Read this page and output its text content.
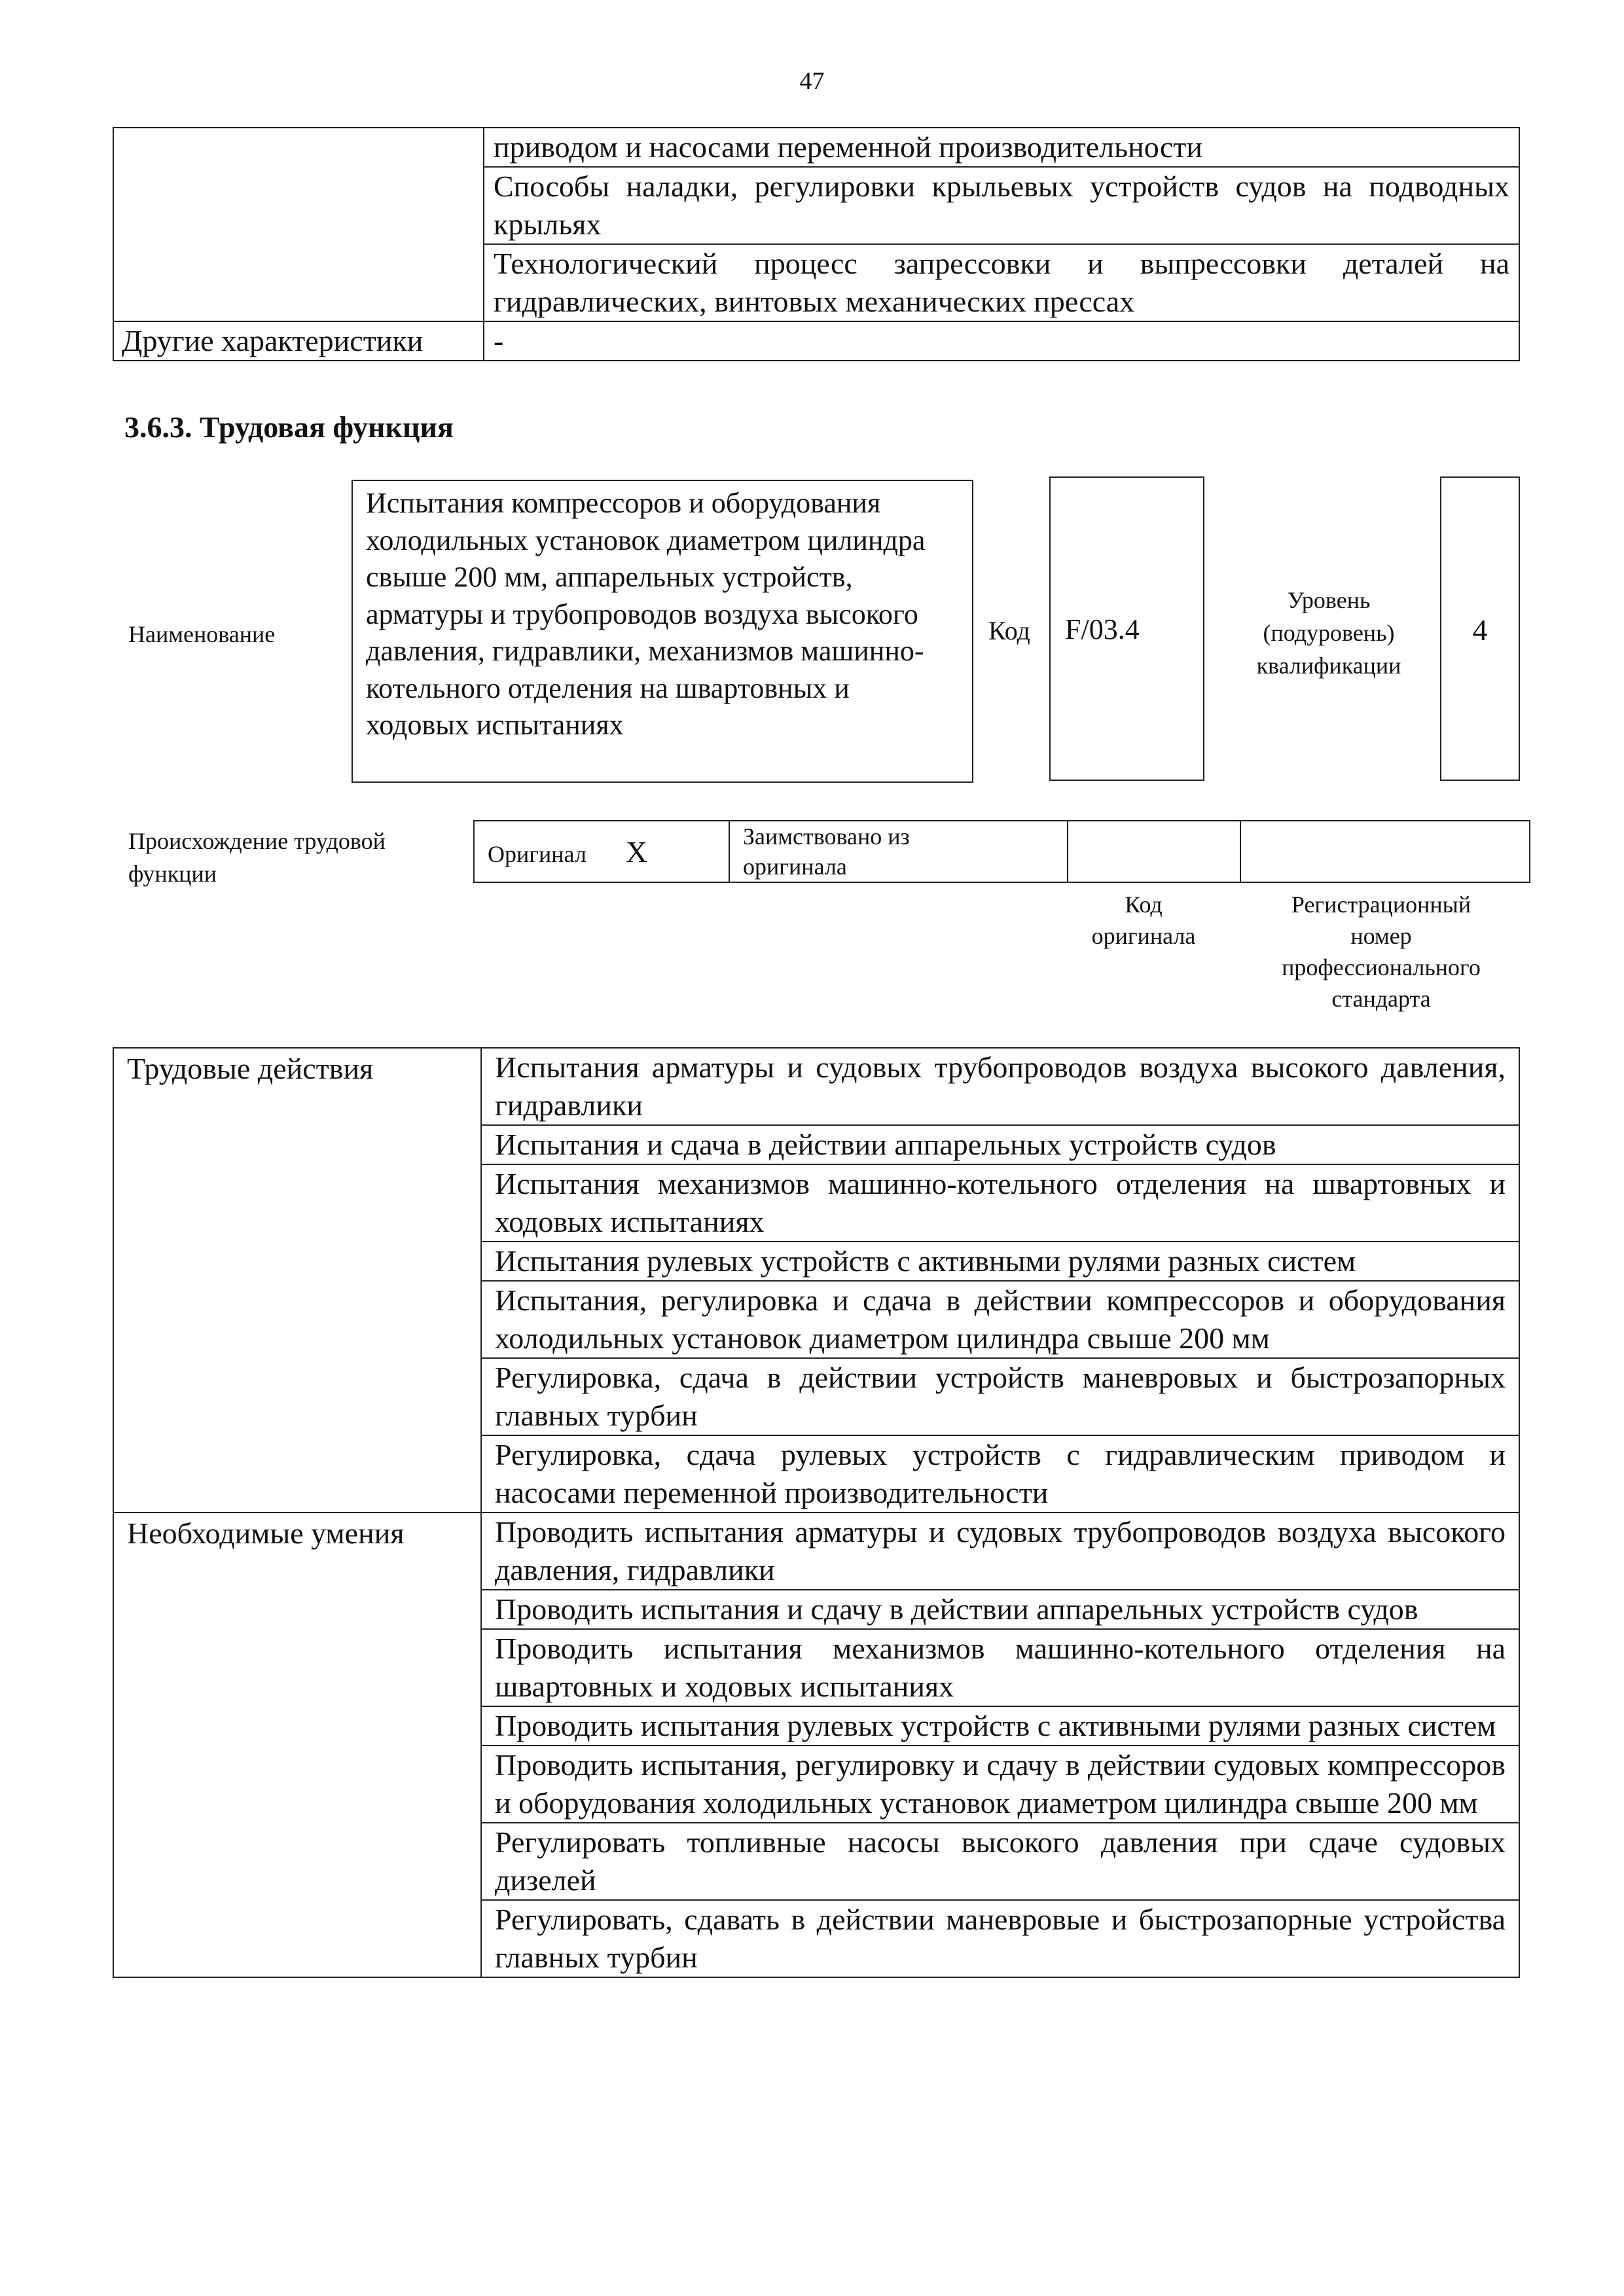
47
	приводом и насосами переменной производительности
	Способы наладки, регулировки крыльевых устройств судов на подводных крыльях
	Технологический процесс запрессовки и выпрессовки деталей на гидравлических, винтовых механических прессах
Другие характеристики	-
3.6.3. Трудовая функция
Наименование
Испытания компрессоров и оборудования холодильных установок диаметром цилиндра свыше 200 мм, аппарельных устройств, арматуры и трубопроводов воздуха высокого давления, гидравлики, механизмов машинно-котельного отделения на швартовных и ходовых испытаниях
Код F/03.4
Уровень
(подуровень)
квалификации
4
Происхождение трудовой
функции
Оригинал X	Заимствовано из
оригинала

Код
оригинала
Регистрационный
номер
профессионального
стандарта
Трудовые действия	Испытания арматуры и судовых трубопроводов воздуха высокого давления, гидравлики
	Испытания и сдача в действии аппарельных устройств судов
	Испытания механизмов машинно-котельного отделения на швартовных и ходовых испытаниях
	Испытания рулевых устройств с активными рулями разных систем
	Испытания, регулировка и сдача в действии компрессоров и оборудования холодильных установок диаметром цилиндра свыше 200 мм
	Регулировка, сдача в действии устройств маневровых и быстрозапорных главных турбин
	Регулировка, сдача рулевых устройств с гидравлическим приводом и насосами переменной производительности
Необходимые умения	Проводить испытания арматуры и судовых трубопроводов воздуха высокого давления, гидравлики
	Проводить испытания и сдачу в действии аппарельных устройств судов
	Проводить испытания механизмов машинно-котельного отделения на швартовных и ходовых испытаниях
	Проводить испытания рулевых устройств с активными рулями разных систем
	Проводить испытания, регулировку и сдачу в действии судовых компрессоров и оборудования холодильных установок диаметром цилиндра свыше 200 мм
	Регулировать топливные насосы высокого давления при сдаче судовых дизелей
	Регулировать, сдавать в действии маневровые и быстрозапорные устройства главных турбин
